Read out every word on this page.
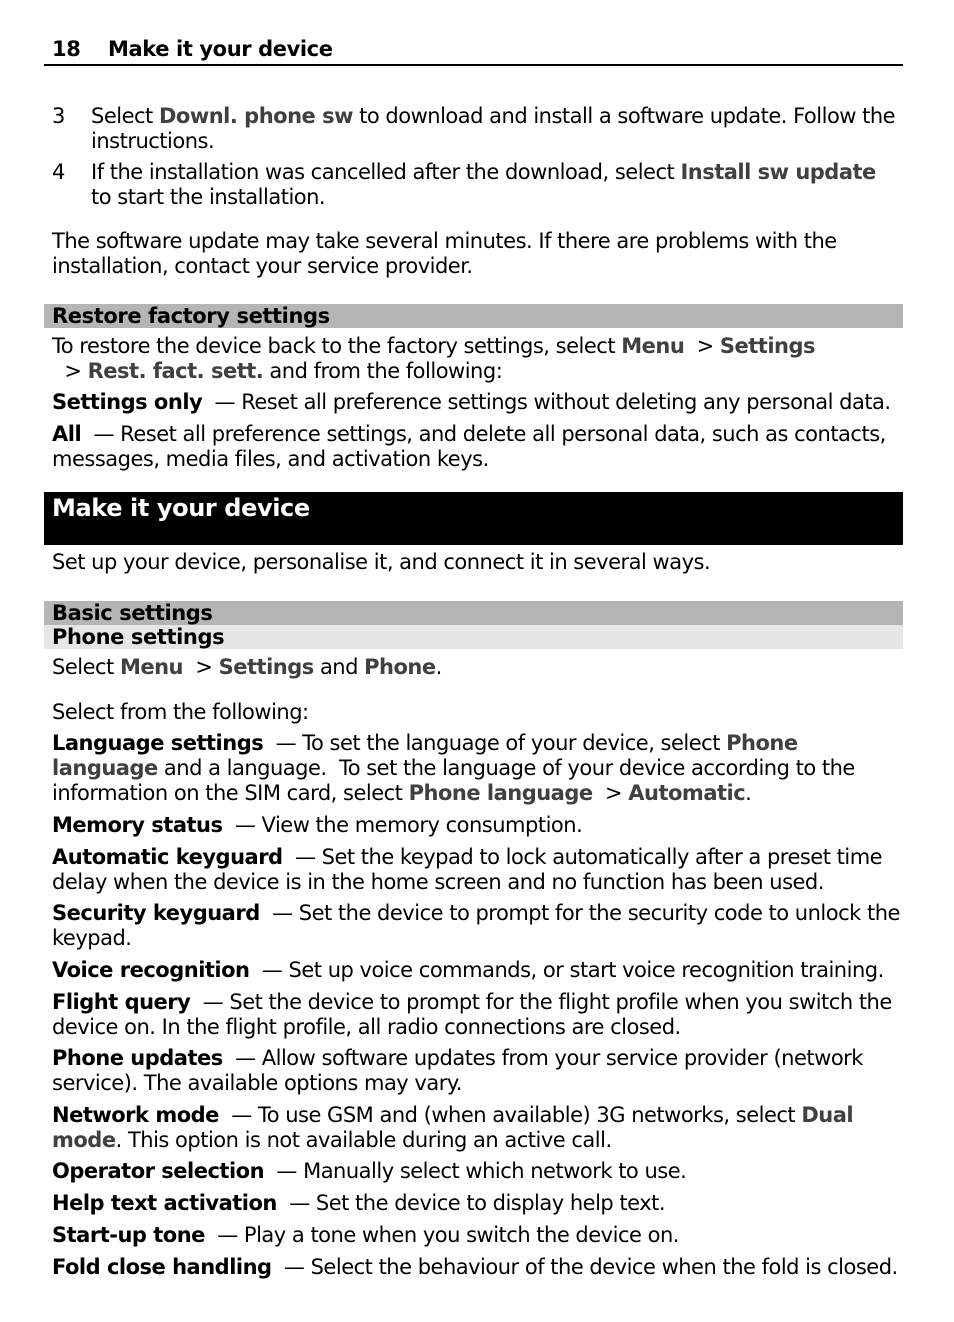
18 Make it your device
3 Select Downl. phone sw to download and install a software update. Follow the instructions.
4 If the installation was cancelled after the download, select Install sw update to start the installation.
The software update may take several minutes. If there are problems with the installation, contact your service provider.
Restore factory settings
To restore the device back to the factory settings, select Menu  > Settings  > Rest. fact. sett. and from the following:
Settings only  — Reset all preference settings without deleting any personal data.
All  — Reset all preference settings, and delete all personal data, such as contacts, messages, media files, and activation keys.
Make it your device
Set up your device, personalise it, and connect it in several ways.
Basic settings
Phone settings
Select Menu  > Settings and Phone.
Select from the following:
Language settings  — To set the language of your device, select Phone language and a language.  To set the language of your device according to the information on the SIM card, select Phone language  > Automatic.
Memory status  — View the memory consumption.
Automatic keyguard  — Set the keypad to lock automatically after a preset time delay when the device is in the home screen and no function has been used.
Security keyguard  — Set the device to prompt for the security code to unlock the keypad.
Voice recognition  — Set up voice commands, or start voice recognition training.
Flight query  — Set the device to prompt for the flight profile when you switch the device on. In the flight profile, all radio connections are closed.
Phone updates  — Allow software updates from your service provider (network service). The available options may vary.
Network mode  — To use GSM and (when available) 3G networks, select Dual mode. This option is not available during an active call.
Operator selection  — Manually select which network to use.
Help text activation  — Set the device to display help text.
Start-up tone  — Play a tone when you switch the device on.
Fold close handling  — Select the behaviour of the device when the fold is closed.
